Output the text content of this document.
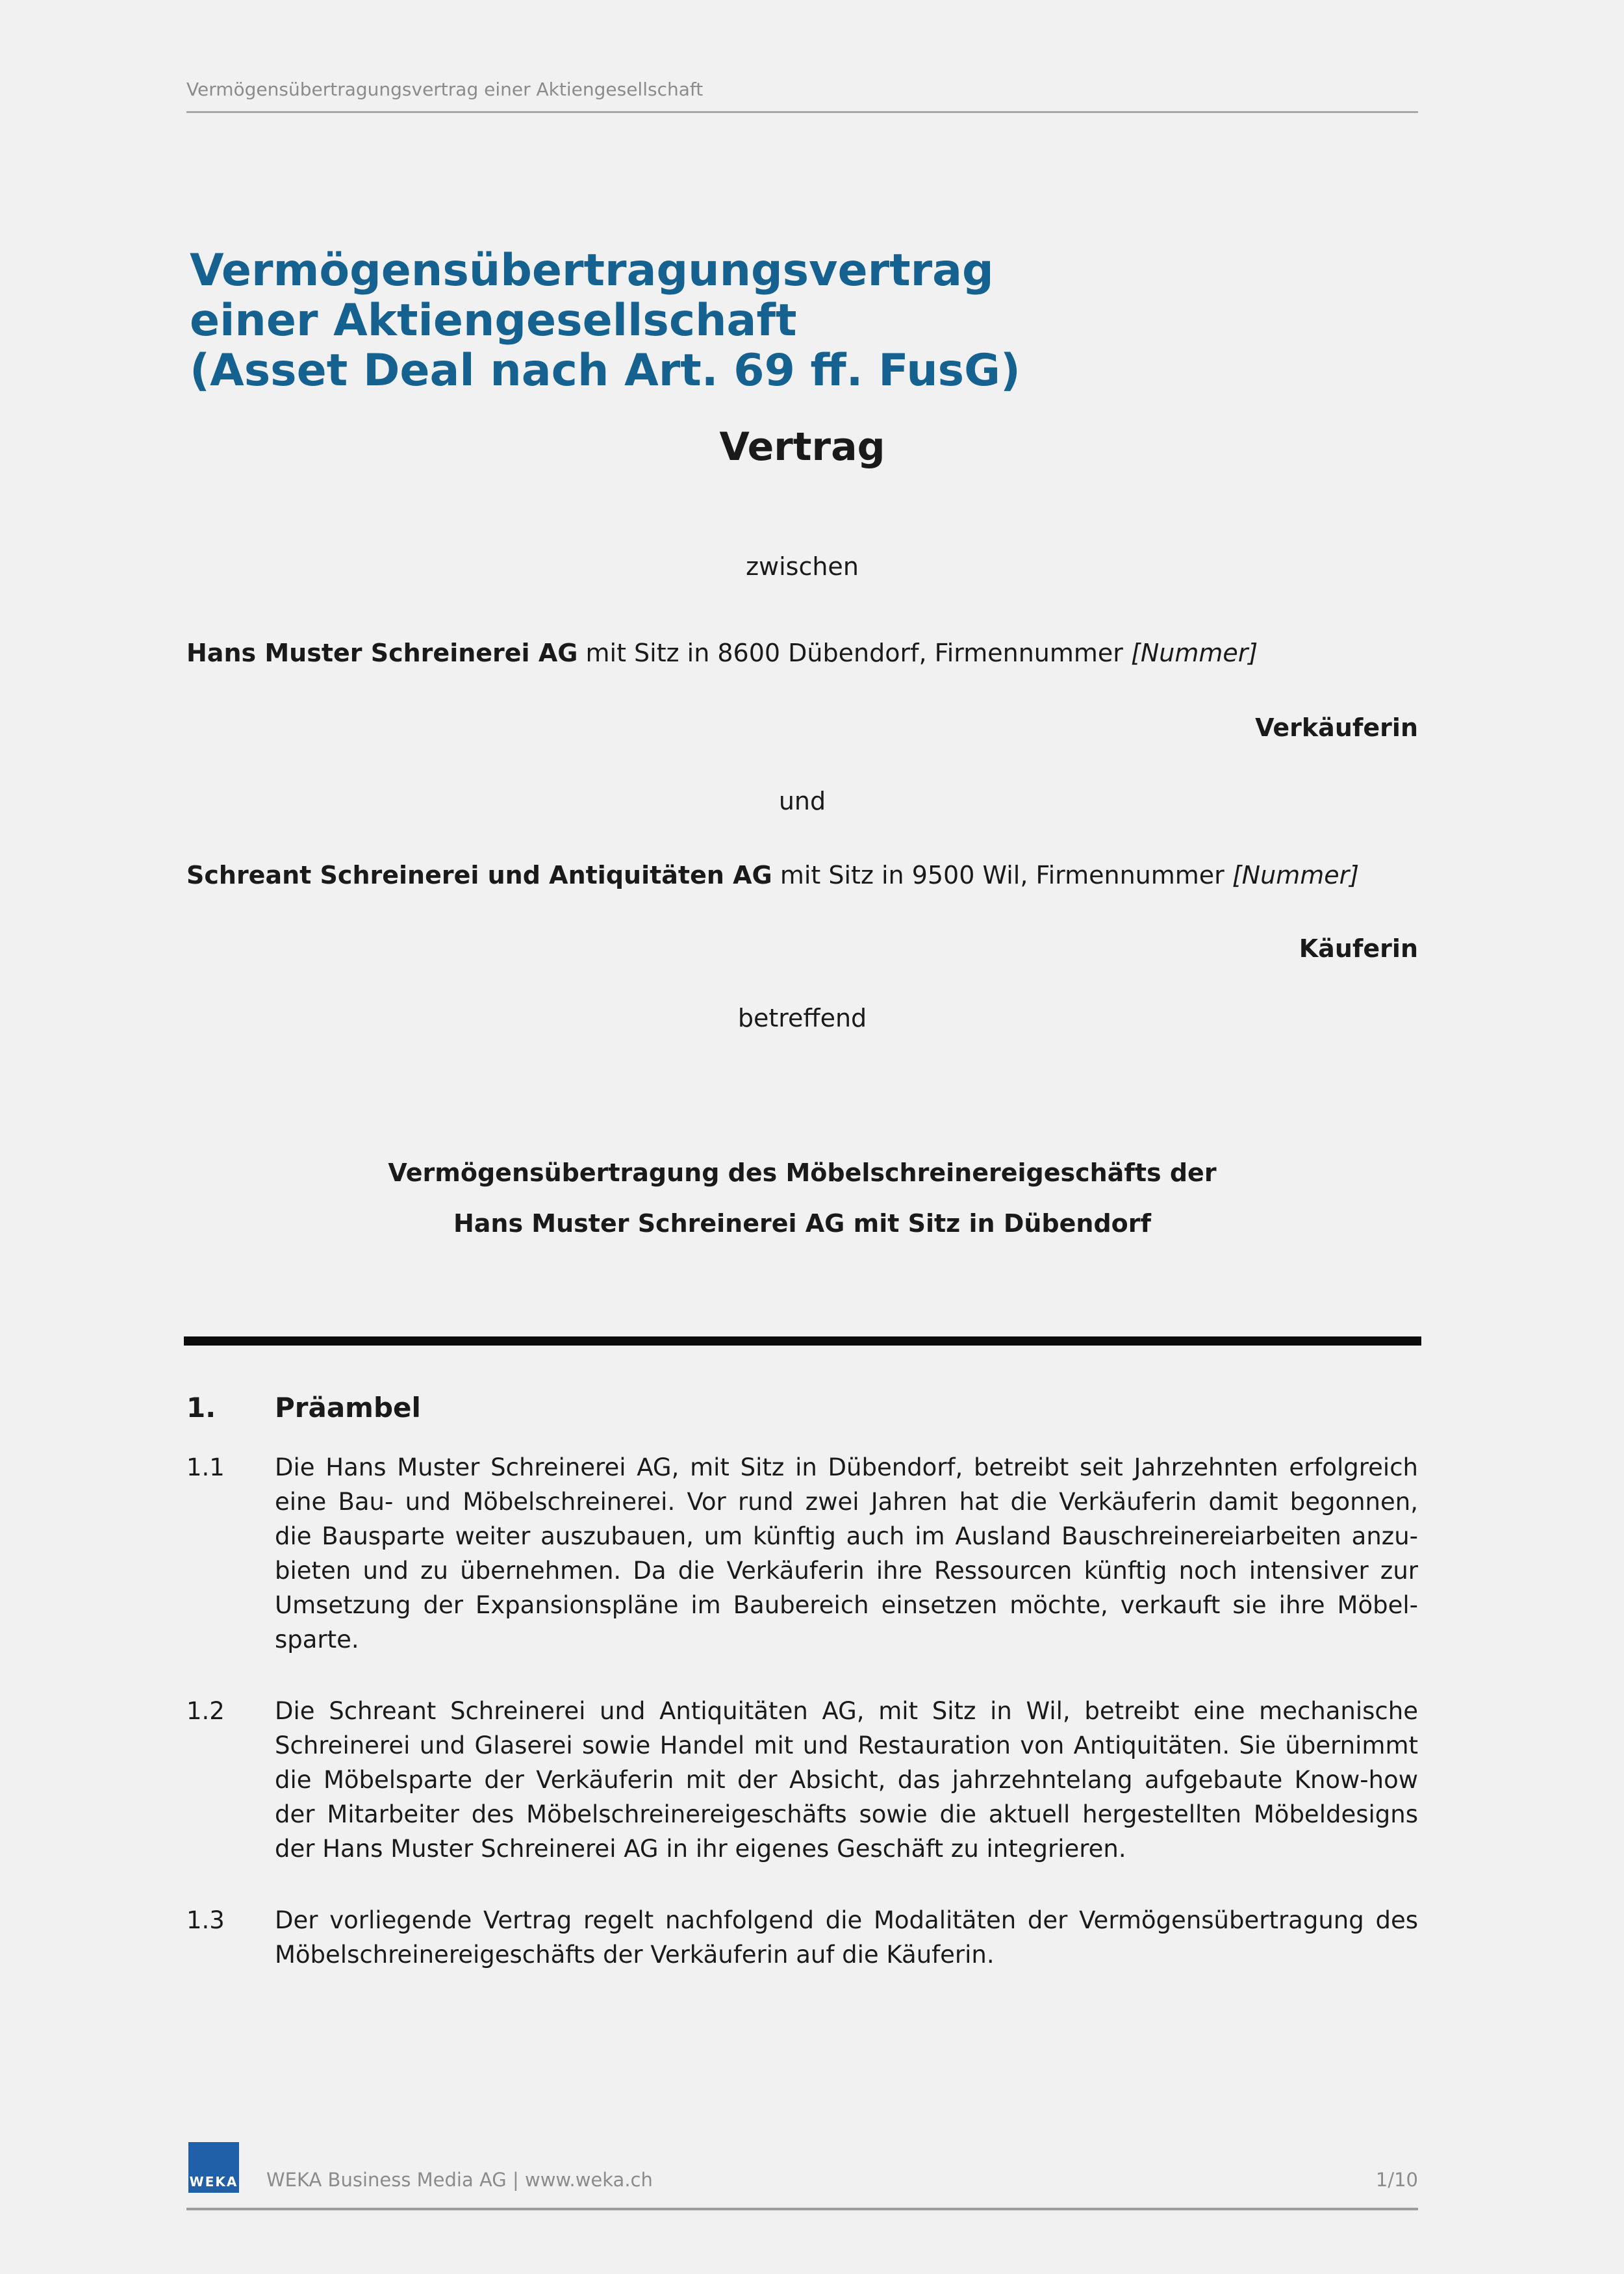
Vermögensübertragungsvertrag einer Aktiengesellschaft
Vermögensübertragungsvertrag
einer Aktiengesellschaft
(Asset Deal nach Art. 69 ff. FusG)
Vertrag
zwischen
Hans Muster Schreinerei AG mit Sitz in 8600 Dübendorf, Firmennummer [Nummer]
Verkäuferin
und
Schreant Schreinerei und Antiquitäten AG mit Sitz in 9500 Wil, Firmennummer [Nummer]
Käuferin
betreffend
Vermögensübertragung des Möbelschreinereigeschäfts der
Hans Muster Schreinerei AG mit Sitz in Dübendorf
1. Präambel
1.1	Die Hans Muster Schreinerei AG, mit Sitz in Dübendorf, betreibt seit Jahrzehnten erfolgreich
eine Bau- und Möbelschreinerei. Vor rund zwei Jahren hat die Verkäuferin damit begonnen,
die Bausparte weiter auszubauen, um künftig auch im Ausland Bauschreinereiarbeiten anzu-
bieten und zu übernehmen. Da die Verkäuferin ihre Ressourcen künftig noch intensiver zur
Umsetzung der Expansionspläne im Baubereich einsetzen möchte, verkauft sie ihre Möbel-
sparte.
1.2	Die Schreant Schreinerei und Antiquitäten AG, mit Sitz in Wil, betreibt eine mechanische
Schreinerei und Glaserei sowie Handel mit und Restauration von Antiquitäten. Sie übernimmt
die Möbelsparte der Verkäuferin mit der Absicht, das jahrzehntelang aufgebaute Know-how
der Mitarbeiter des Möbelschreinereigeschäfts sowie die aktuell hergestellten Möbeldesigns
der Hans Muster Schreinerei AG in ihr eigenes Geschäft zu integrieren.
1.3	Der vorliegende Vertrag regelt nachfolgend die Modalitäten der Vermögensübertragung des
Möbelschreinereigeschäfts der Verkäuferin auf die Käuferin.
WEKA WEKA Business Media AG | www.weka.ch	1/10
